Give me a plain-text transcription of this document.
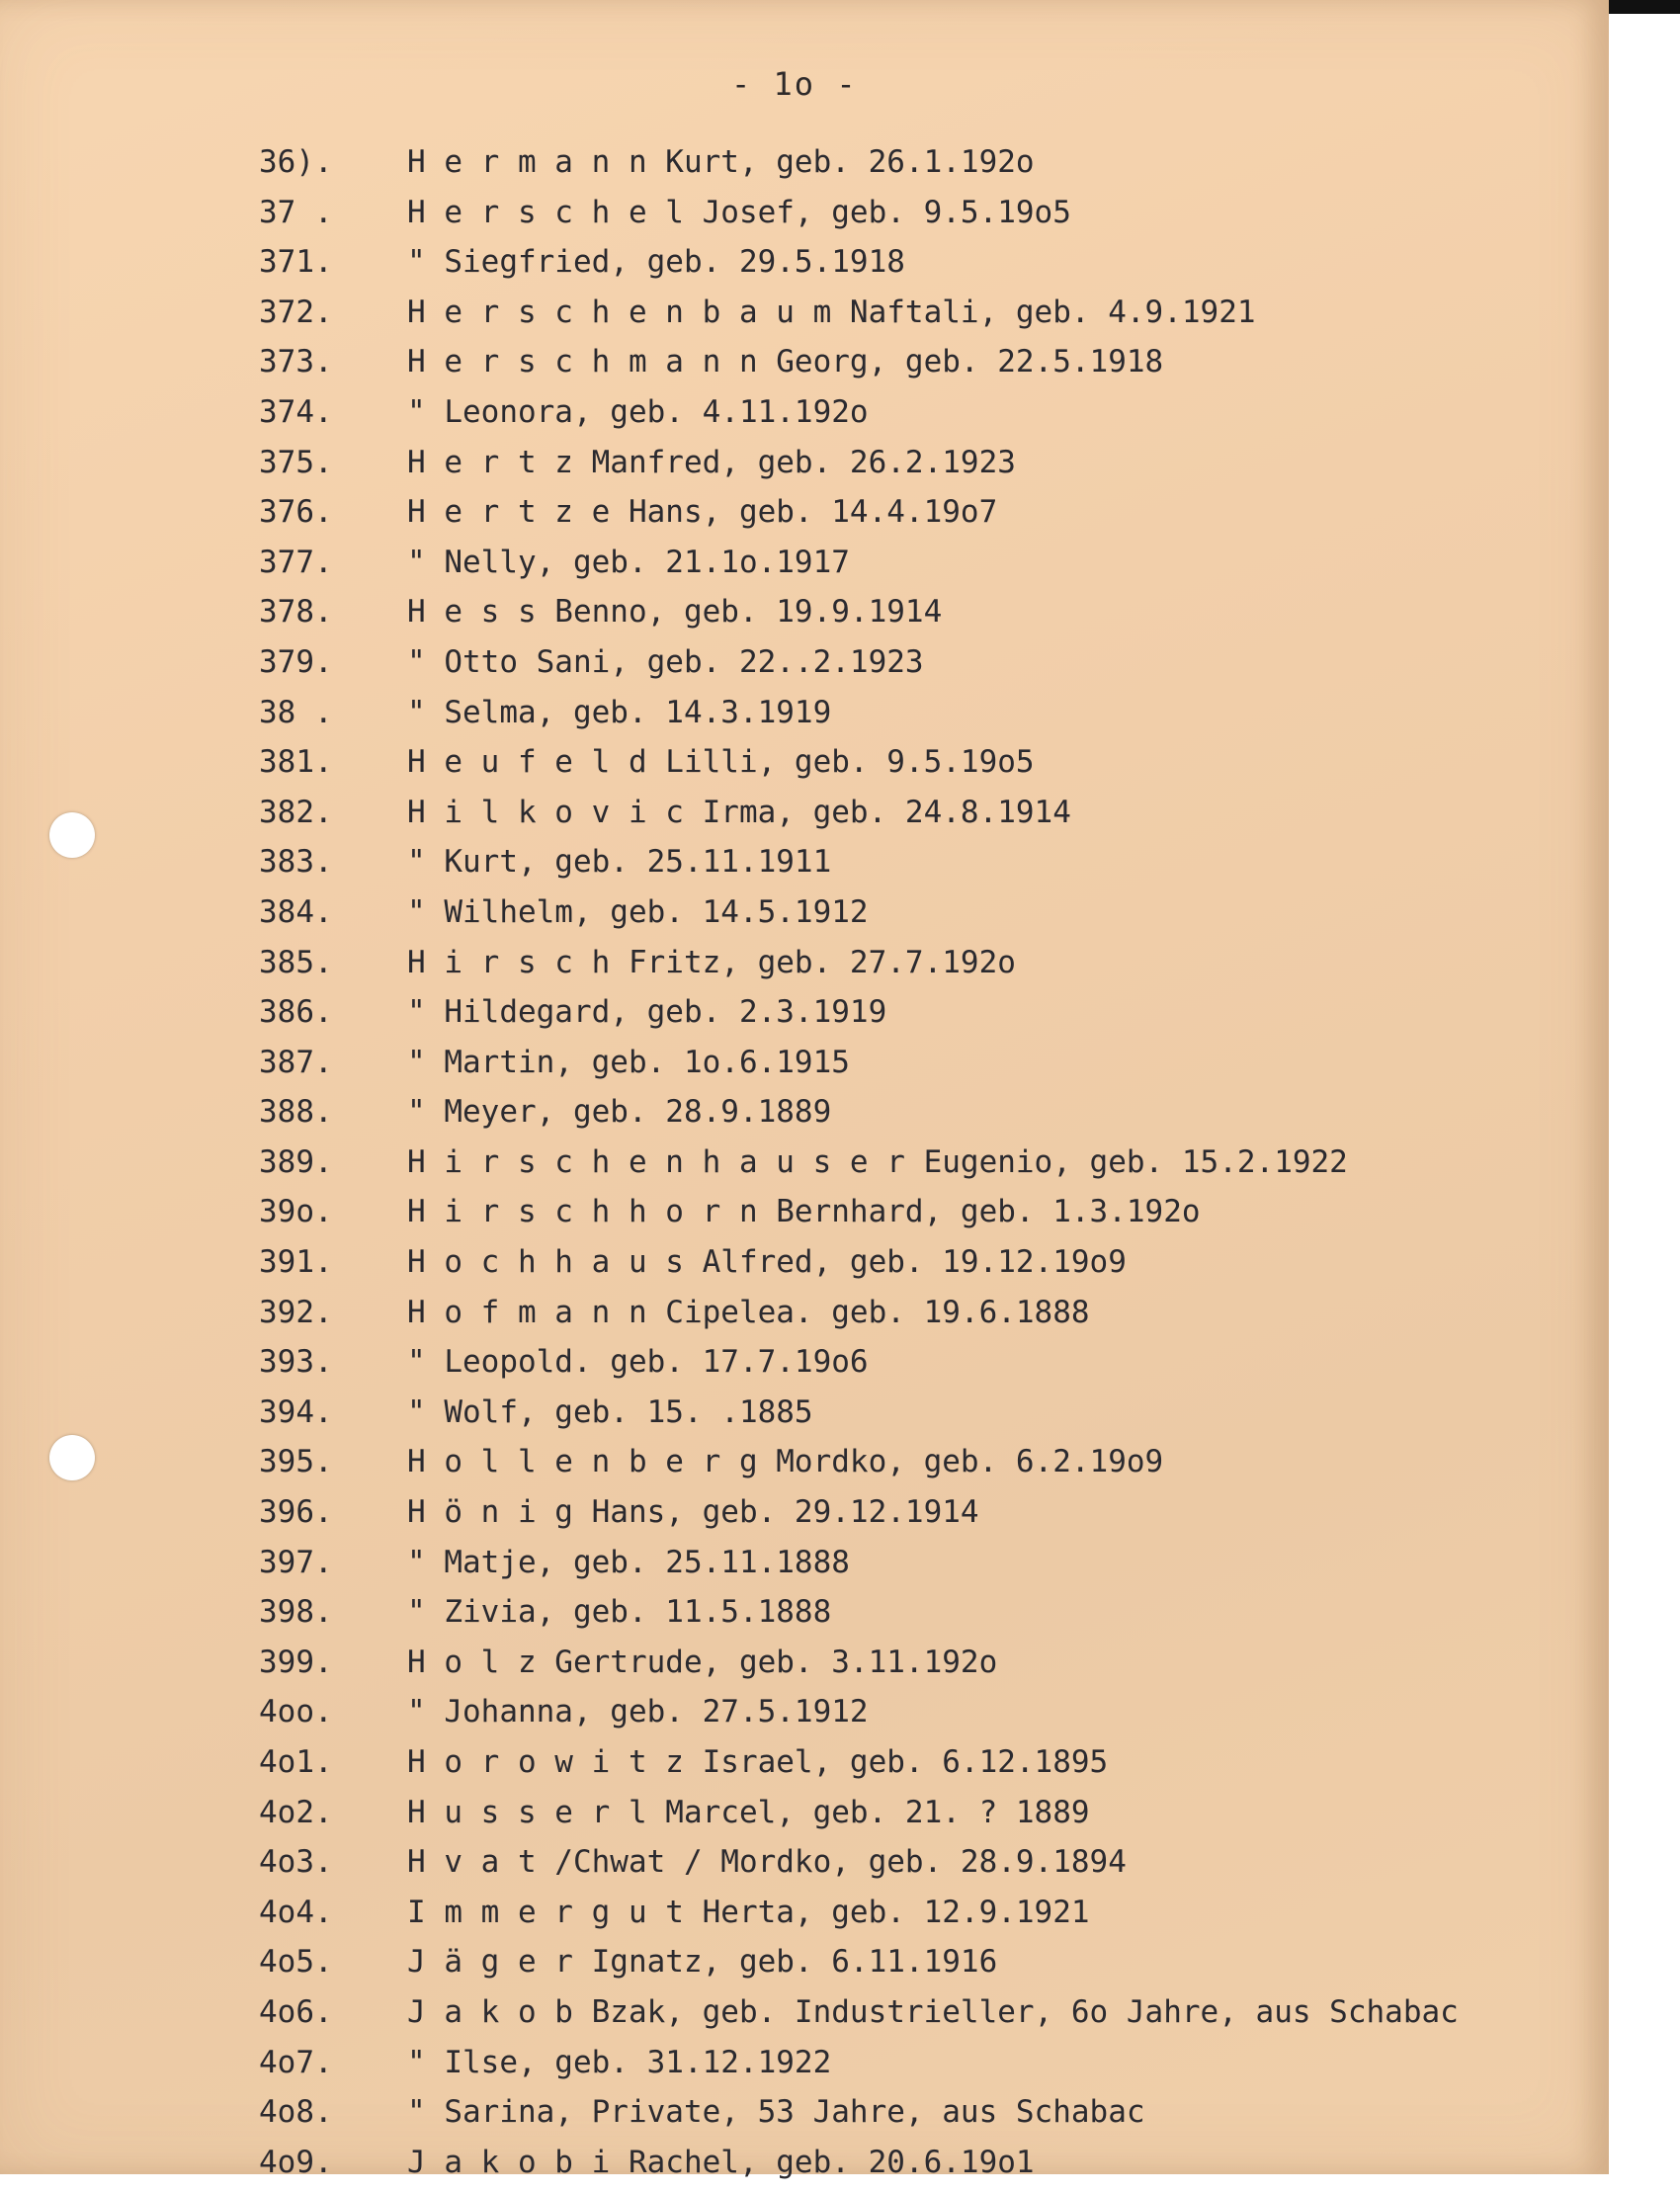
- 1o -
36). H e r m a n n Kurt, geb. 26.1.192o
37 . H e r s c h e l Josef, geb. 9.5.19o5
371. " Siegfried, geb. 29.5.1918
372. H e r s c h e n b a u m Naftali, geb. 4.9.1921
373. H e r s c h m a n n Georg, geb. 22.5.1918
374. " Leonora, geb. 4.11.192o
375. H e r t z Manfred, geb. 26.2.1923
376. H e r t z e Hans, geb. 14.4.19o7
377. " Nelly, geb. 21.1o.1917
378. H e s s Benno, geb. 19.9.1914
379. " Otto Sani, geb. 22..2.1923
38 . " Selma, geb. 14.3.1919
381. H e u f e l d Lilli, geb. 9.5.19o5
382. H i l k o v i c Irma, geb. 24.8.1914
383. " Kurt, geb. 25.11.1911
384. " Wilhelm, geb. 14.5.1912
385. H i r s c h Fritz, geb. 27.7.192o
386. " Hildegard, geb. 2.3.1919
387. " Martin, geb. 1o.6.1915
388. " Meyer, geb. 28.9.1889
389. H i r s c h e n h a u s e r Eugenio, geb. 15.2.1922
39o. H i r s c h h o r n Bernhard, geb. 1.3.192o
391. H o c h h a u s Alfred, geb. 19.12.19o9
392. H o f m a n n Cipelea. geb. 19.6.1888
393. " Leopold. geb. 17.7.19o6
394. " Wolf, geb. 15. .1885
395. H o l l e n b e r g Mordko, geb. 6.2.19o9
396. H ö n i g Hans, geb. 29.12.1914
397. " Matje, geb. 25.11.1888
398. " Zivia, geb. 11.5.1888
399. H o l z Gertrude, geb. 3.11.192o
4oo. " Johanna, geb. 27.5.1912
4o1. H o r o w i t z Israel, geb. 6.12.1895
4o2. H u s s e r l Marcel, geb. 21. ? 1889
4o3. H v a t /Chwat / Mordko, geb. 28.9.1894
4o4. I m m e r g u t Herta, geb. 12.9.1921
4o5. J ä g e r Ignatz, geb. 6.11.1916
4o6. J a k o b Bzak, geb. Industrieller, 6o Jahre, aus Schabac
4o7. " Ilse, geb. 31.12.1922
4o8. " Sarina, Private, 53 Jahre, aus Schabac
4o9. J a k o b i Rachel, geb. 20.6.19o1
